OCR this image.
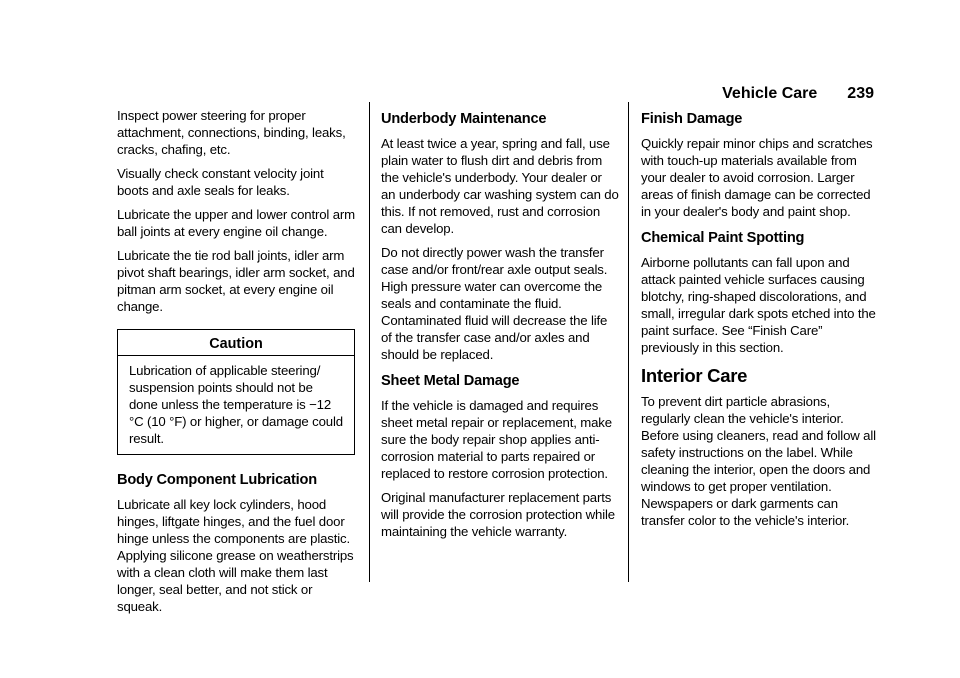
Vehicle Care 239

Inspect power steering for proper attachment, connections, binding, leaks, cracks, chafing, etc.

Visually check constant velocity joint boots and axle seals for leaks.

Lubricate the upper and lower control arm ball joints at every engine oil change.

Lubricate the tie rod ball joints, idler arm pivot shaft bearings, idler arm socket, and pitman arm socket, at every engine oil change.

Caution
Lubrication of applicable steering/ suspension points should not be done unless the temperature is −12 °C (10 °F) or higher, or damage could result.
Body Component Lubrication

Lubricate all key lock cylinders, hood hinges, liftgate hinges, and the fuel door hinge unless the components are plastic. Applying silicone grease on weatherstrips with a clean cloth will make them last longer, seal better, and not stick or squeak.

Underbody Maintenance

At least twice a year, spring and fall, use plain water to flush dirt and debris from the vehicle's underbody. Your dealer or an underbody car washing system can do this. If not removed, rust and corrosion can develop.

Do not directly power wash the transfer case and/or front/rear axle output seals. High pressure water can overcome the seals and contaminate the fluid. Contaminated fluid will decrease the life of the transfer case and/or axles and should be replaced.

Sheet Metal Damage

If the vehicle is damaged and requires sheet metal repair or replacement, make sure the body repair shop applies anti-corrosion material to parts repaired or replaced to restore corrosion protection.

Original manufacturer replacement parts will provide the corrosion protection while maintaining the vehicle warranty.

Finish Damage

Quickly repair minor chips and scratches with touch-up materials available from your dealer to avoid corrosion. Larger areas of finish damage can be corrected in your dealer's body and paint shop.

Chemical Paint Spotting

Airborne pollutants can fall upon and attack painted vehicle surfaces causing blotchy, ring-shaped discolorations, and small, irregular dark spots etched into the paint surface. See “Finish Care” previously in this section.

Interior Care

To prevent dirt particle abrasions, regularly clean the vehicle's interior. Before using cleaners, read and follow all safety instructions on the label. While cleaning the interior, open the doors and windows to get proper ventilation. Newspapers or dark garments can transfer color to the vehicle's interior.
